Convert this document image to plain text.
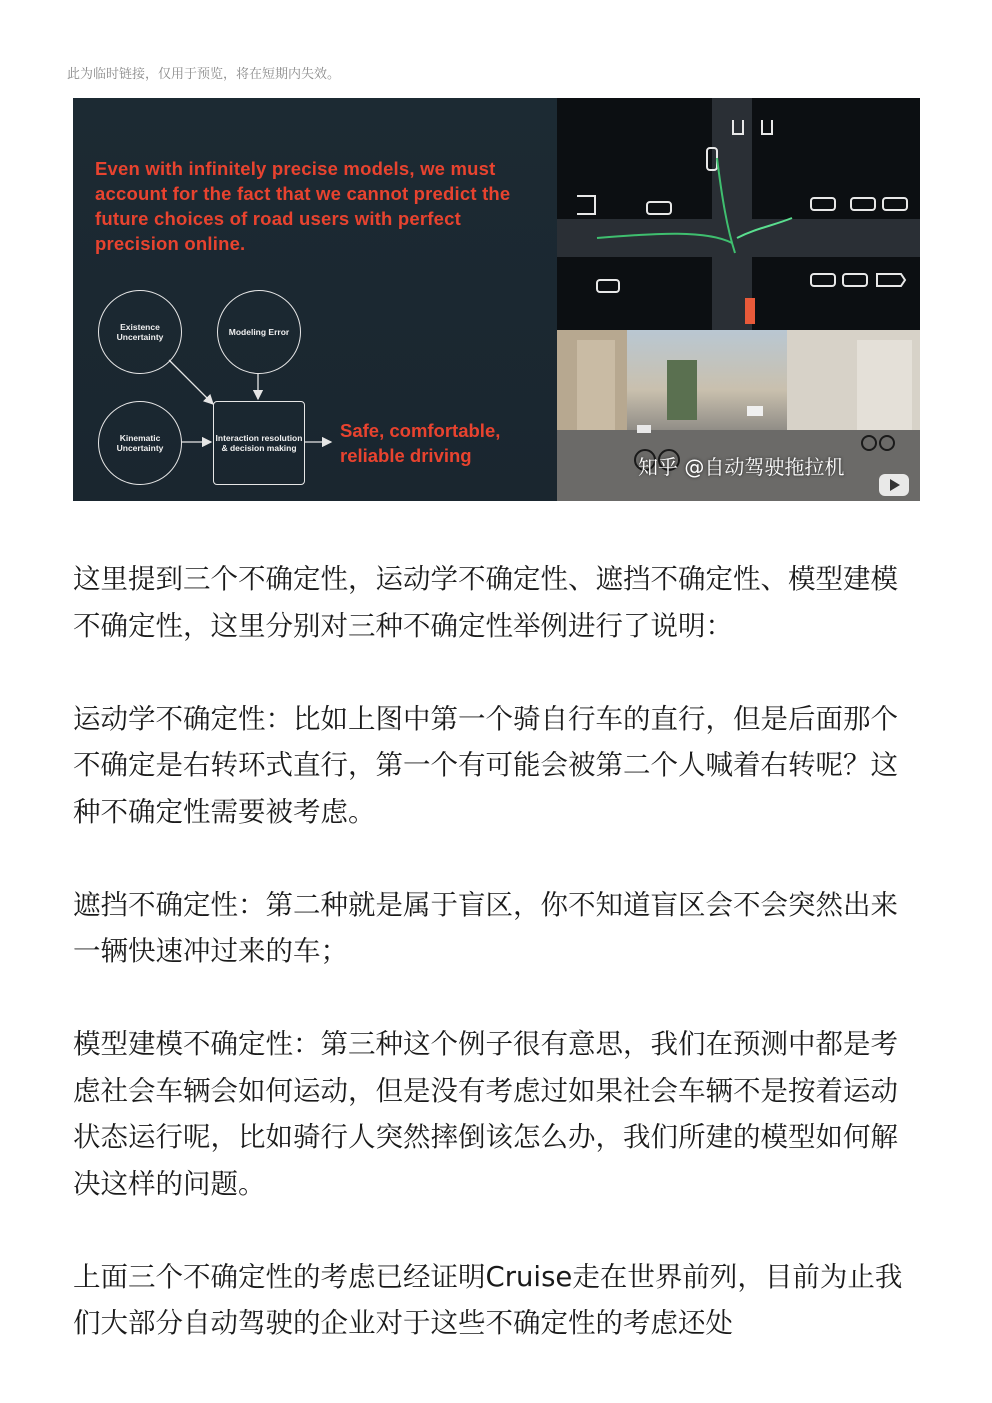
此为临时链接，仅用于预览，将在短期内失效。
Even with infinitely precise models, we must account for the fact that we cannot predict the future choices of road users with perfect precision online.
Existence Uncertainty	Modeling Error
Kinematic Uncertainty
Interaction resolution & decision making
Safe, comfortable, reliable driving	知乎 @自动驾驶拖拉机

这里提到三个不确定性，运动学不确定性、遮挡不确定性、模型建模不确定性，这里分别对三种不确定性举例进行了说明：

运动学不确定性：比如上图中第一个骑自行车的直行，但是后面那个不确定是右转环式直行，第一个有可能会被第二个人喊着右转呢？这种不确定性需要被考虑。

遮挡不确定性：第二种就是属于盲区，你不知道盲区会不会突然出来一辆快速冲过来的车；

模型建模不确定性：第三种这个例子很有意思，我们在预测中都是考虑社会车辆会如何运动，但是没有考虑过如果社会车辆不是按着运动状态运行呢，比如骑行人突然摔倒该怎么办，我们所建的模型如何解决这样的问题。

上面三个不确定性的考虑已经证明Cruise走在世界前列，目前为止我们大部分自动驾驶的企业对于这些不确定性的考虑还处
